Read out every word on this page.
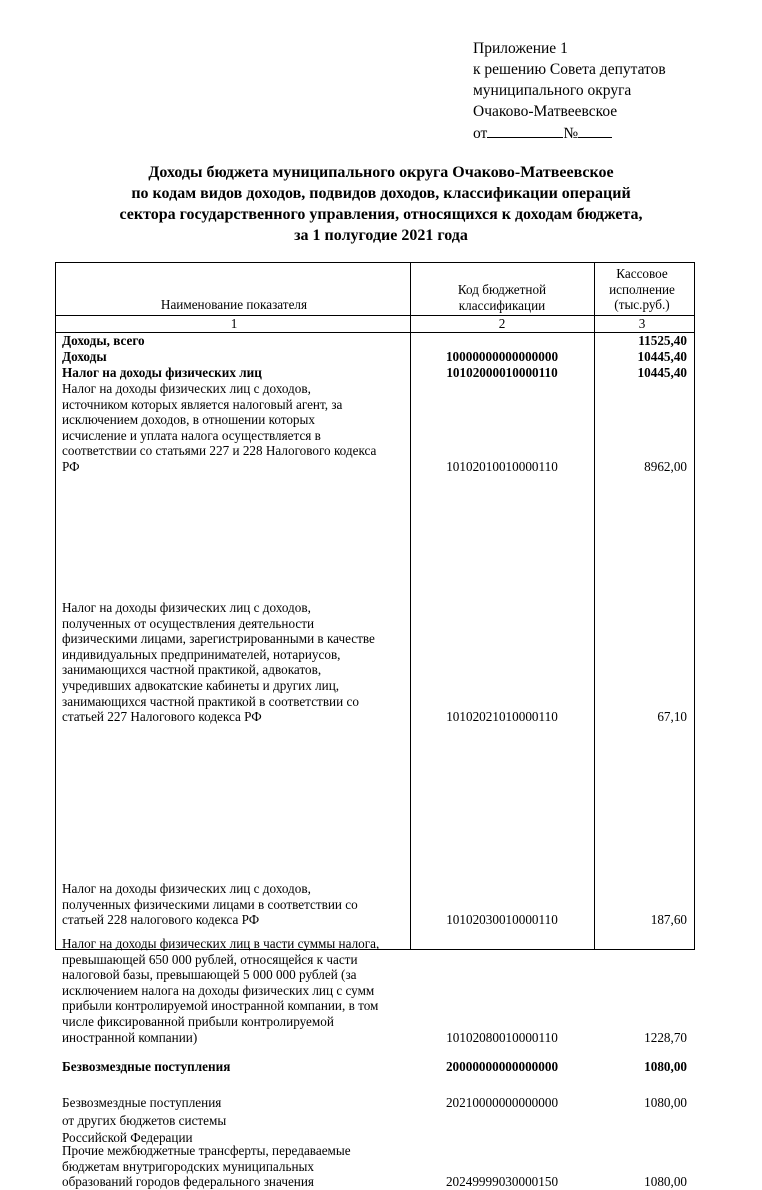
Приложение 1
к решению Совета депутатов
муниципального округа
Очаково-Матвеевское
от	№
Доходы бюджета муниципального округа Очаково-Матвеевское
по кодам видов доходов, подвидов доходов, классификации операций
сектора государственного управления, относящихся к доходам бюджета,
за 1 полугодие 2021 года
Наименование показателя
Код бюджетной
классификации
Кассовое
исполнение
(тыс.руб.)
1	2	3
Доходы, всего	11525,40
Доходы	10000000000000000	10445,40
Налог на доходы физических лиц	10102000010000110	10445,40
Налог на доходы физических лиц с доходов,
источником которых является налоговый агент, за
исключением доходов, в отношении которых
исчисление и уплата налога осуществляется в
соответствии со статьями 227 и 228 Налогового кодекса
РФ	10102010010000110	8962,00
Налог на доходы физических лиц с доходов,
полученных от осуществления деятельности
физическими лицами, зарегистрированными в качестве
индивидуальных предпринимателей, нотариусов,
занимающихся частной практикой, адвокатов,
учредивших адвокатские кабинеты и других лиц,
занимающихся частной практикой в соответствии со
статьей 227 Налогового кодекса РФ	10102021010000110	67,10
Налог на доходы физических лиц с доходов,
полученных физическими лицами в соответствии со
статьей 228 налогового кодекса РФ	10102030010000110	187,60
Налог на доходы физических лиц в части суммы налога,
превышающей 650 000 рублей, относящейся к части
налоговой базы, превышающей 5 000 000 рублей (за
исключением налога на доходы физических лиц с сумм
прибыли контролируемой иностранной компании, в том
числе фиксированной прибыли контролируемой
иностранной компании)	10102080010000110	1228,70
Безвозмездные поступления	20000000000000000	1080,00
Безвозмездные поступления
от других бюджетов системы
Российской Федерации
20210000000000000	1080,00
Прочие межбюджетные трансферты, передаваемые
бюджетам внутригородских муниципальных
образований городов федерального значения	20249999030000150	1080,00
